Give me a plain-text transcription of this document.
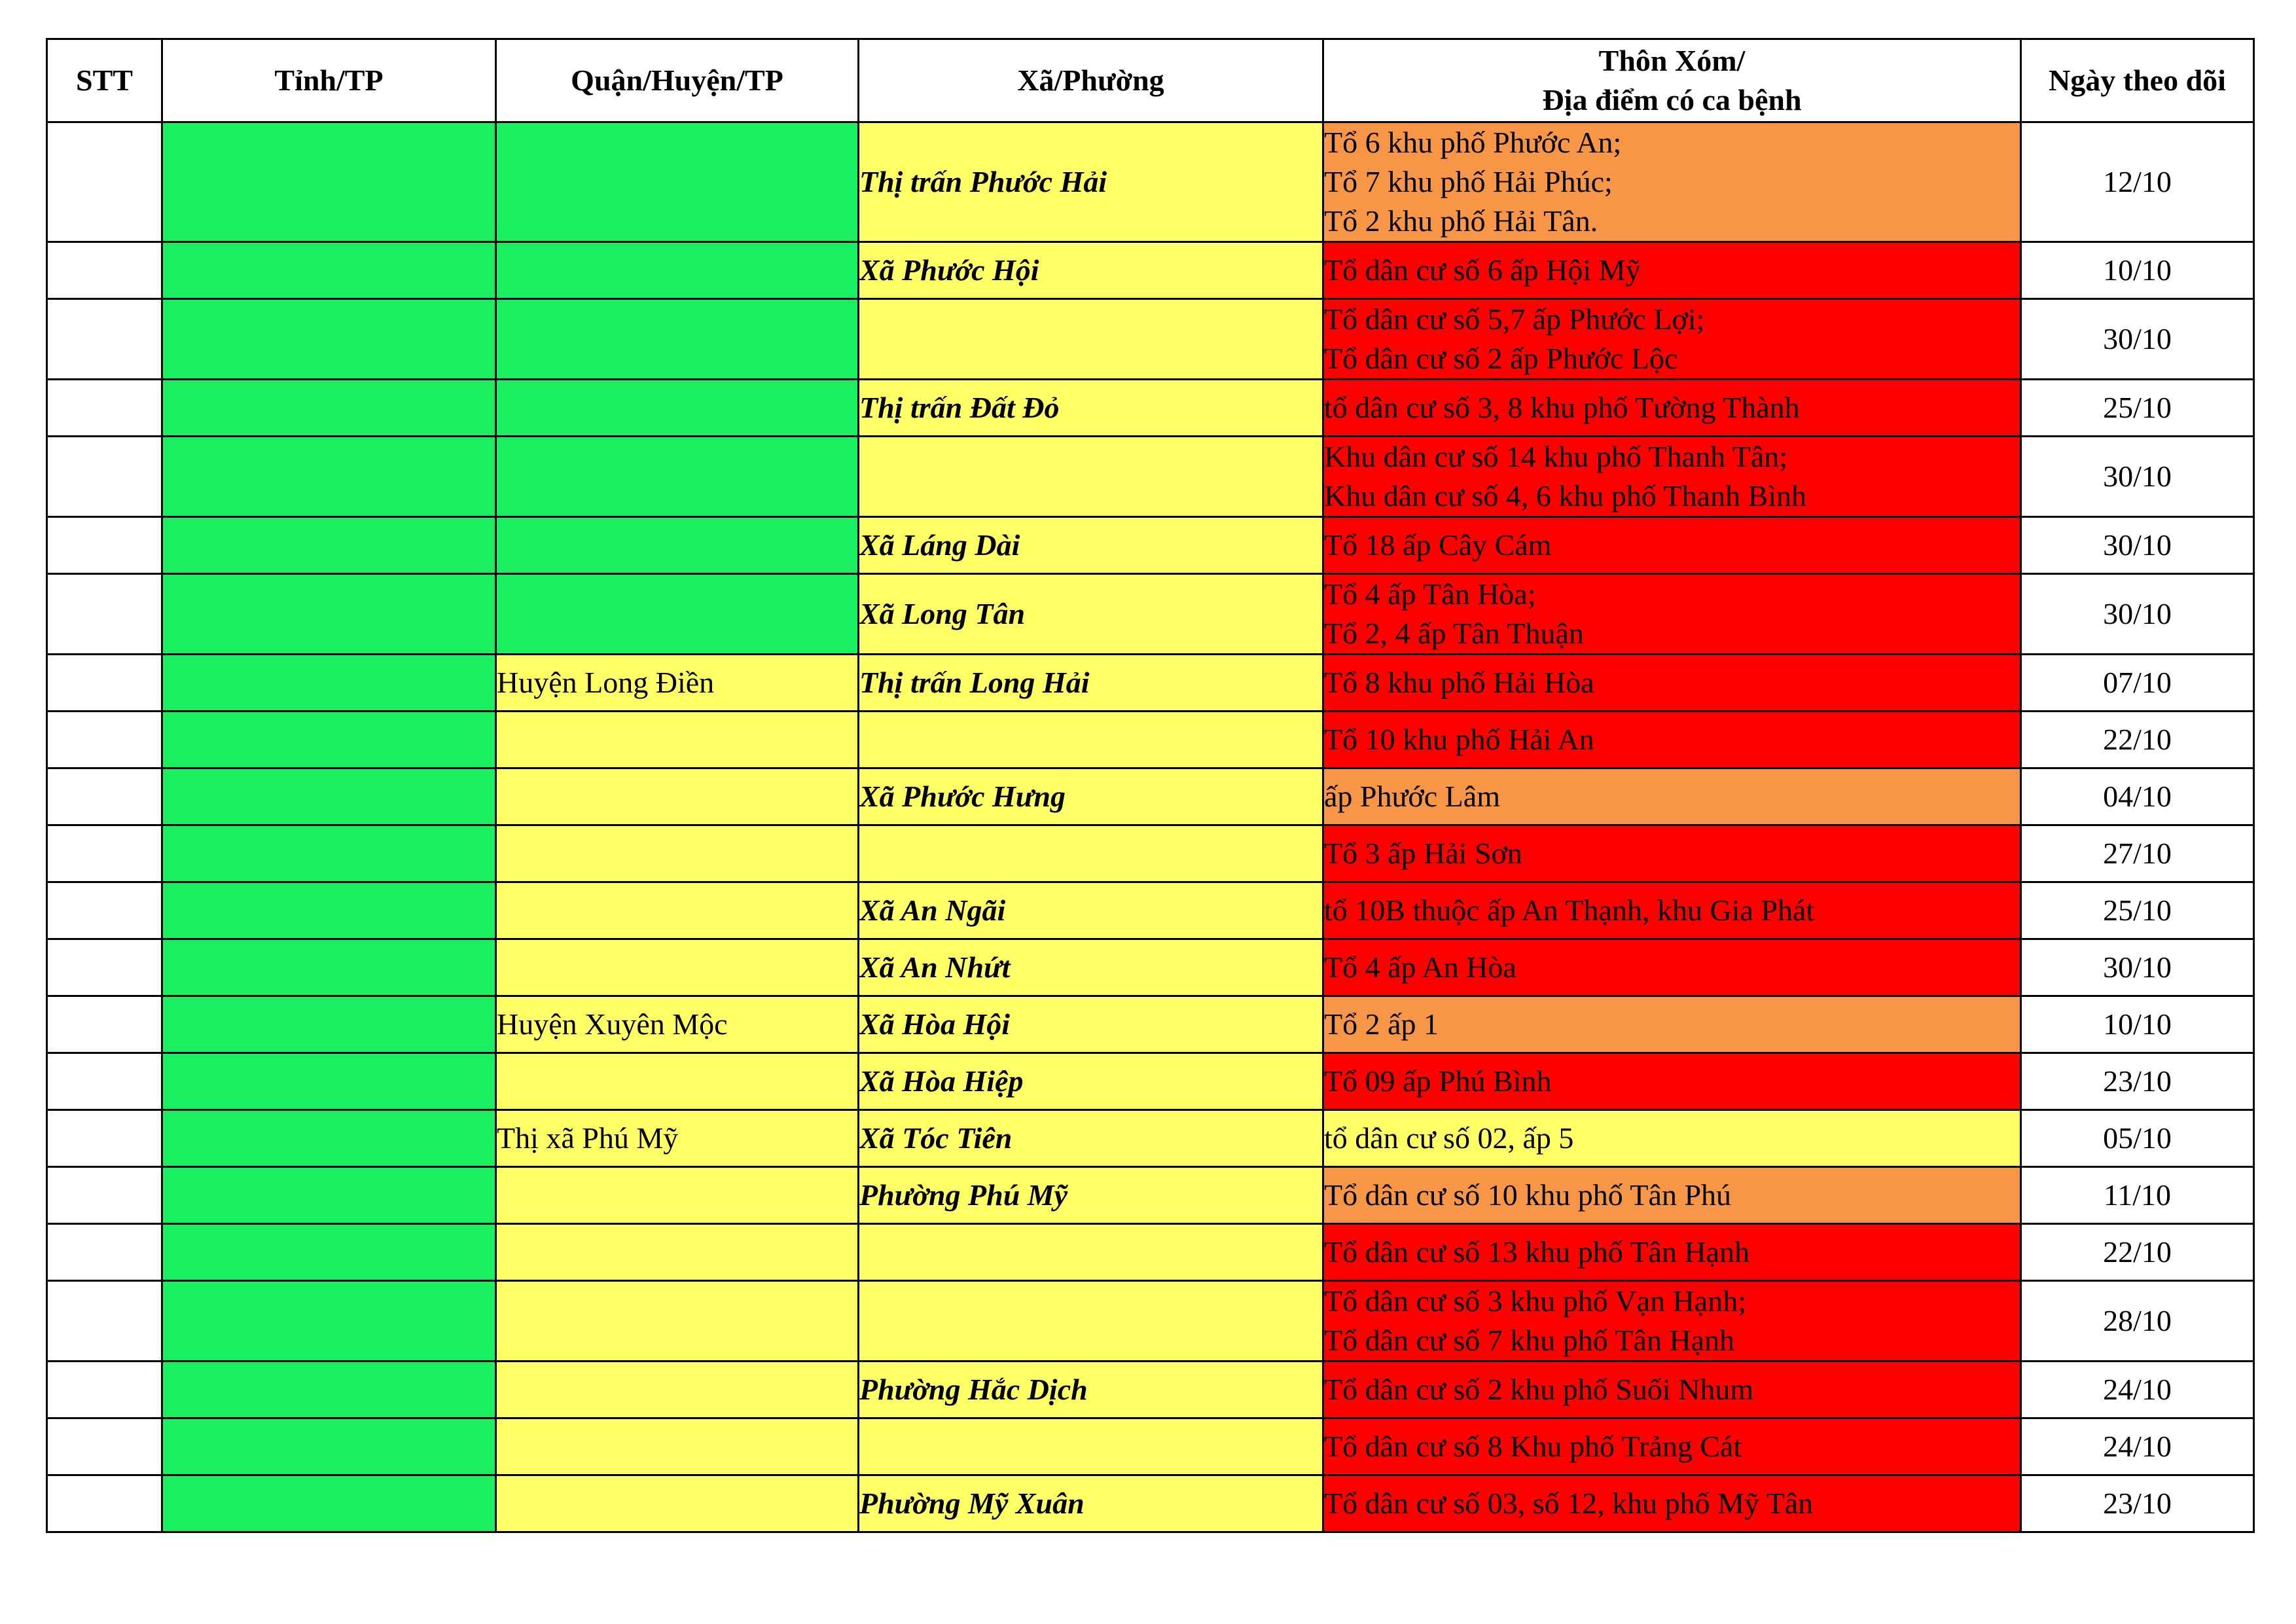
STT	Tỉnh/TP	Quận/Huyện/TP	Xã/Phường	Thôn Xóm/
Địa điểm có ca bệnh	Ngày theo dõi
			Thị trấn Phước Hải	Tổ 6 khu phố Phước An;
Tổ 7 khu phố Hải Phúc;
Tổ 2 khu phố Hải Tân.	12/10
			Xã Phước Hội	Tổ dân cư số 6 ấp Hội Mỹ	10/10

				Tổ dân cư số 5,7 ấp Phước Lợi;
Tổ dân cư số 2 ấp Phước Lộc	30/10
			Thị trấn Đất Đỏ	tổ dân cư số 3, 8 khu phố Tường Thành	25/10

				Khu dân cư số 14 khu phố Thanh Tân;
Khu dân cư số 4, 6 khu phố Thanh Bình	30/10
			Xã Láng Dài	Tổ 18 ấp Cây Cám	30/10
			Xã Long Tân	Tổ 4 ấp Tân Hòa;
Tổ 2, 4 ấp Tân Thuận	30/10
		Huyện Long Điền	Thị trấn Long Hải	Tổ 8 khu phố Hải Hòa	07/10

				Tổ 10 khu phố Hải An	22/10
			Xã Phước Hưng	ấp Phước Lâm	04/10

				Tổ 3 ấp Hải Sơn	27/10
			Xã An Ngãi	tổ 10B thuộc ấp An Thạnh, khu Gia Phát	25/10
			Xã An Nhứt	Tổ 4 ấp An Hòa	30/10
		Huyện Xuyên Mộc	Xã Hòa Hội	Tổ 2 ấp 1	10/10
			Xã Hòa Hiệp	Tổ 09 ấp Phú Bình	23/10
		Thị xã Phú Mỹ	Xã Tóc Tiên	tổ dân cư số 02, ấp 5	05/10
			Phường Phú Mỹ	Tổ dân cư số 10 khu phố Tân Phú	11/10

				Tổ dân cư số 13 khu phố Tân Hạnh	22/10

				Tổ dân cư số 3 khu phố Vạn Hạnh;
Tổ dân cư số 7 khu phố Tân Hạnh	28/10
			Phường Hắc Dịch	Tổ dân cư số 2 khu phố Suối Nhum	24/10

				Tổ dân cư số 8 Khu phố Trảng Cát	24/10
			Phường Mỹ Xuân	Tổ dân cư số 03, số 12, khu phố Mỹ Tân	23/10
